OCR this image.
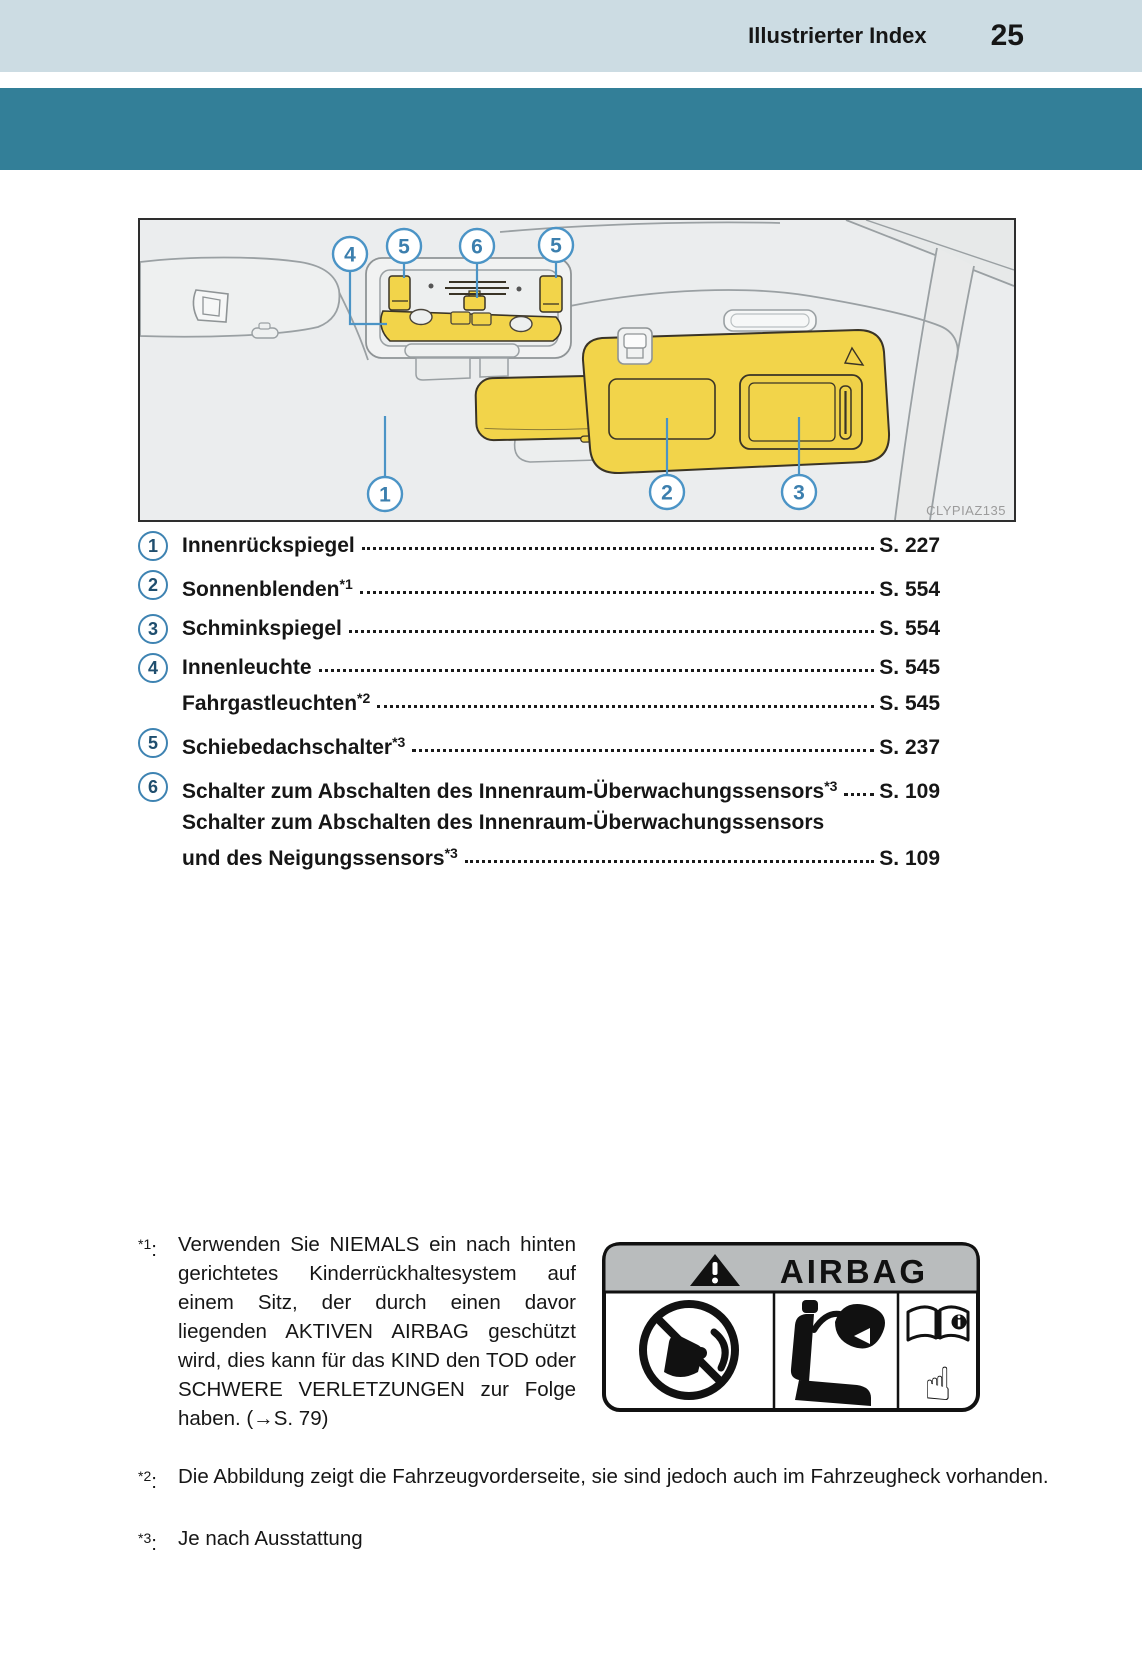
Illustrierter Index 25
4 5	6	5
1	2	3
CLYPIAZ135
1	Innenrückspiegel	S. 227
2	Sonnenblenden$^{*1}$	S. 554
3	Schminkspiegel	S. 554
4	Innenleuchte	S. 545
Fahrgastleuchten$^{*2}$	S. 545
5	Schiebedachschalter$^{*3}$	S. 237
6	Schalter zum Abschalten des Innenraum-Überwachungssensors$^{*3}$ S. 109
Schalter zum Abschalten des Innenraum-Überwachungssensors
und des Neigungssensors$^{*3}$	S. 109
$^{*1}$:	Verwenden Sie NIEMALS ein nach hinten gerichtetes Kinderrückhaltesystem auf einem Sitz, der durch einen davor liegenden AKTIVEN AIRBAG geschützt wird, dies kann für das KIND den TOD oder SCHWERE VERLETZUNGEN zur Folge haben. (→S. 79)
AIRBAG
☝
$^{*2}$:	Die Abbildung zeigt die Fahrzeugvorderseite, sie sind jedoch auch im Fahrzeugheck vorhanden.
$^{*3}$:	Je nach Ausstattung
